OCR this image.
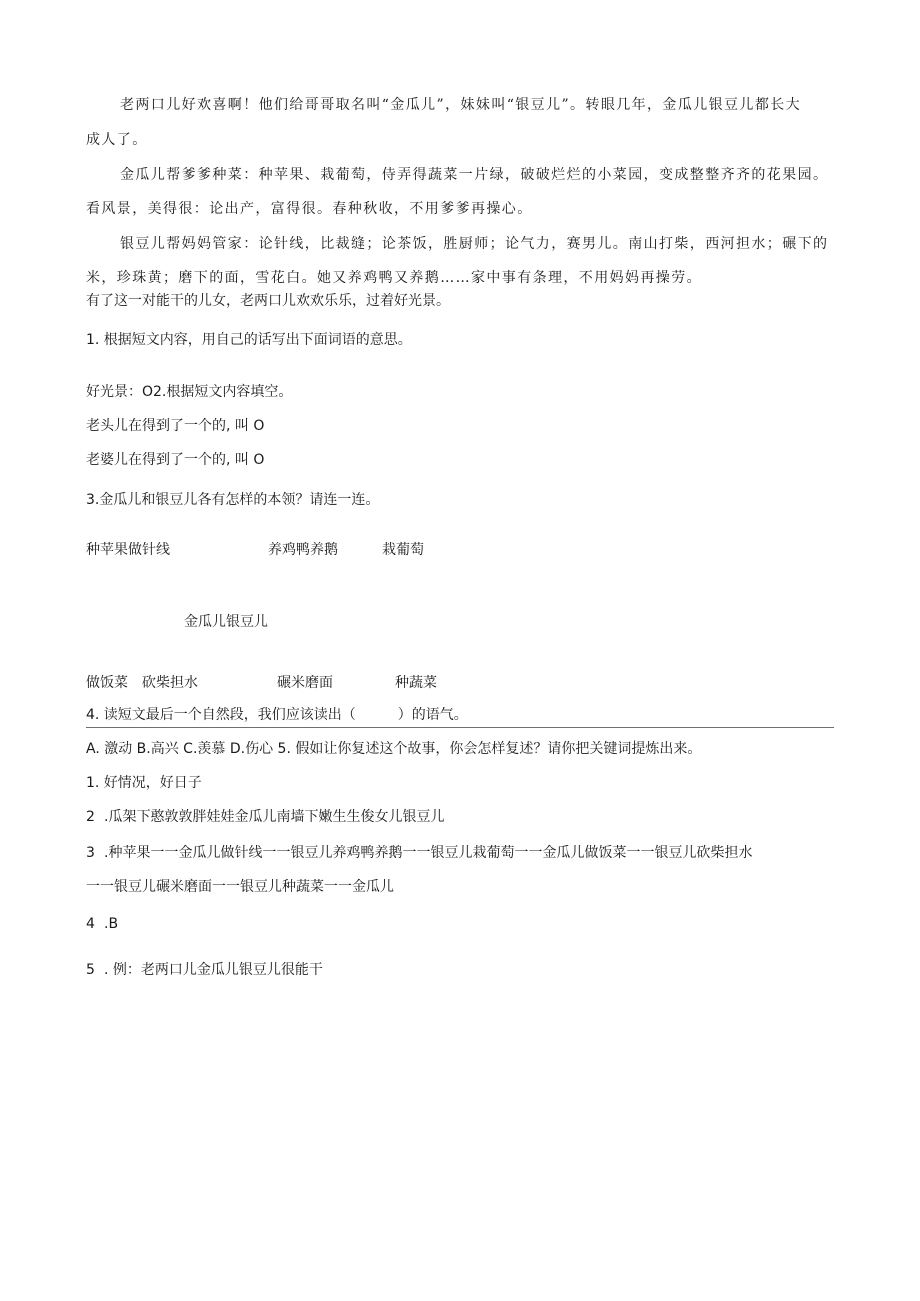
老两口儿好欢喜啊！他们给哥哥取名叫“金瓜儿”，妹妹叫“银豆儿”。转眼几年，金瓜儿银豆儿都长大
成人了。
金瓜儿帮爹爹种菜：种苹果、栽葡萄，侍弄得蔬菜一片绿，破破烂烂的小菜园，变成整整齐齐的花果园。
看风景，美得很：论出产，富得很。春种秋收，不用爹爹再操心。
银豆儿帮妈妈管家：论针线，比裁缝；论茶饭，胜厨师；论气力，赛男儿。南山打柴，西河担水；碾下的
米，珍珠黄；磨下的面，雪花白。她又养鸡鸭又养鹅……家中事有条理，不用妈妈再操劳。
有了这一对能干的儿女，老两口儿欢欢乐乐，过着好光景。
1. 根据短文内容，用自己的话写出下面词语的意思。
好光景：O2.根据短文内容填空。
老头儿在得到了一个的, 叫 O
老婆儿在得到了一个的, 叫 O
3.金瓜儿和银豆儿各有怎样的本领？请连一连。
种苹果做针线	养鸡鸭养鹅	栽葡萄
金瓜儿银豆儿
做饭菜 砍柴担水	碾米磨面	种蔬菜
4. 读短文最后一个自然段，我们应该读出（　　　）的语气。
A. 激动 B.高兴 C.羡慕 D.伤心 5. 假如让你复述这个故事，你会怎样复述？请你把关键词提炼出来。
1. 好情况，好日子
2 .瓜架下憨敦敦胖娃娃金瓜儿南墙下嫩生生俊女儿银豆儿
3 .种苹果一一金瓜儿做针线一一银豆儿养鸡鸭养鹅一一银豆儿栽葡萄一一金瓜儿做饭菜一一银豆儿砍柴担水
一一银豆儿碾米磨面一一银豆儿种蔬菜一一金瓜儿
4 .B
5 . 例：老两口儿金瓜儿银豆儿很能干
